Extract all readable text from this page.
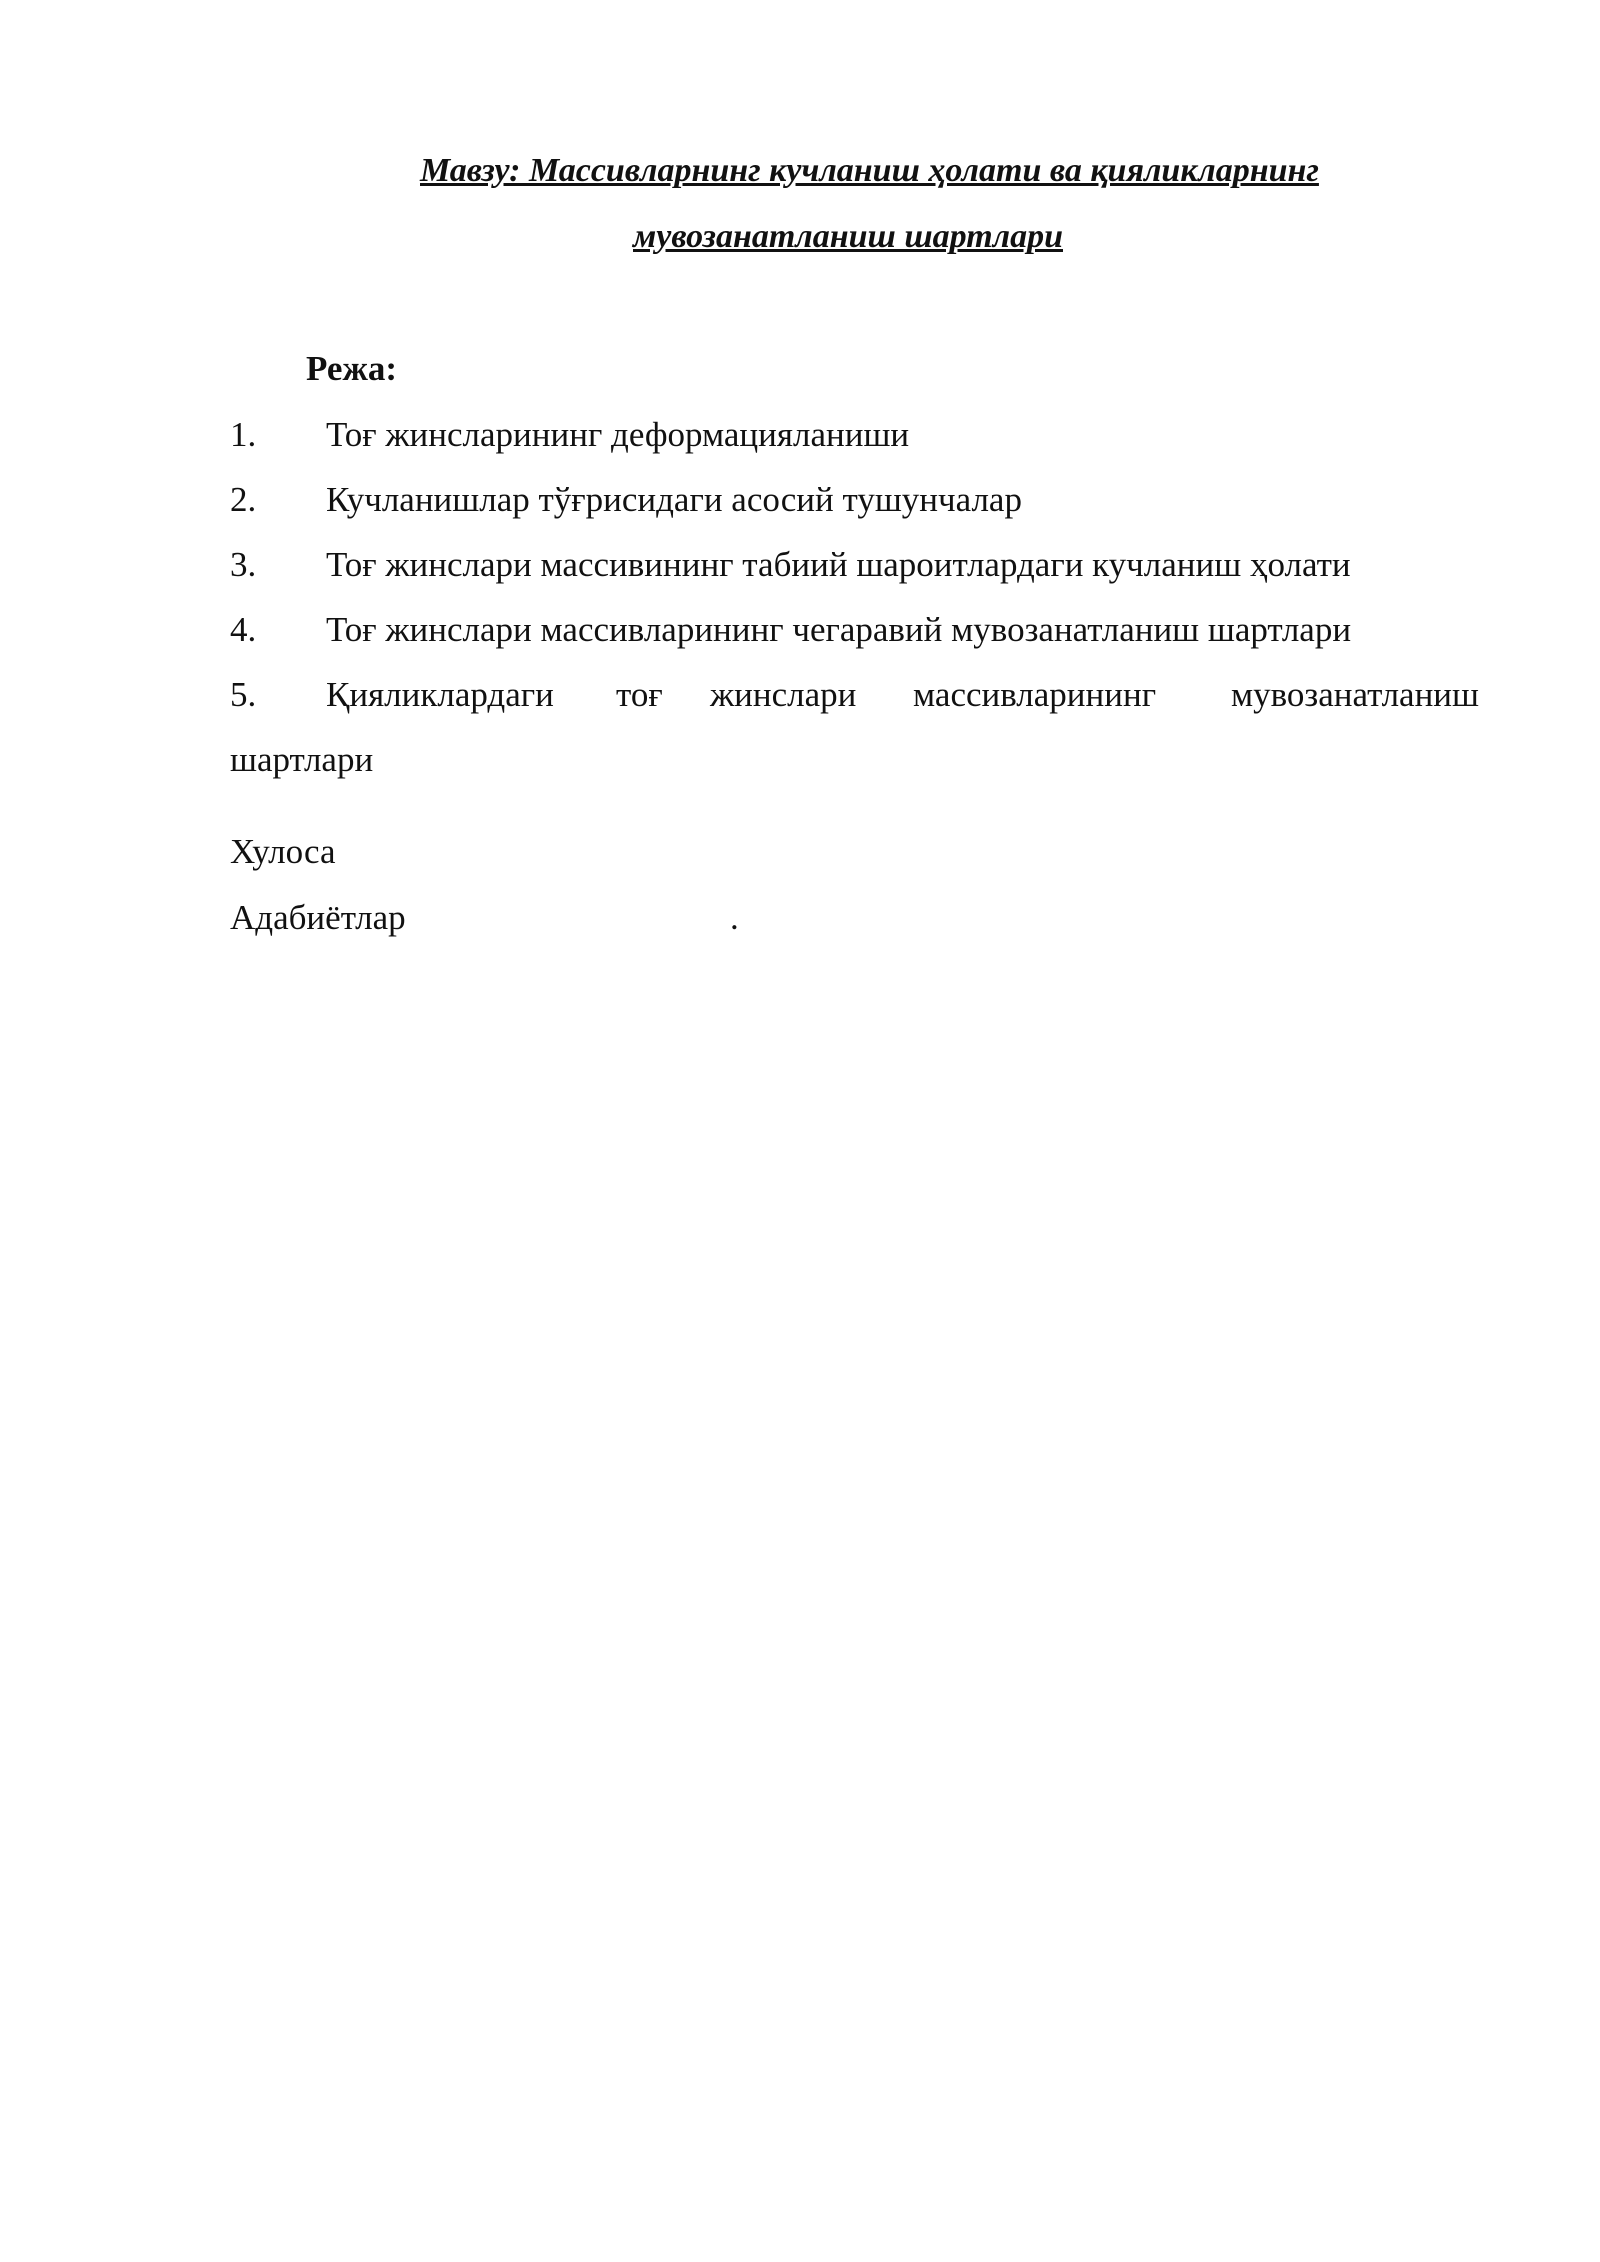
Мавзу: Массивларнинг кучланиш ҳолати ва қияликларнинг
мувозанатланиш шартлари
Режа:
1. Тоғ жинсларининг деформацияланиши
2. Кучланишлар тўғрисидаги асосий тушунчалар
3. Тоғ жинслари массивининг табиий шароитлардаги кучланиш ҳолати
4. Тоғ жинслари массивларининг чегаравий мувозанатланиш шартлари
5. Қияликлардаги тоғ жинслари массивларининг мувозанатланиш
шартлари
Хулоса
Адабиётлар	.
